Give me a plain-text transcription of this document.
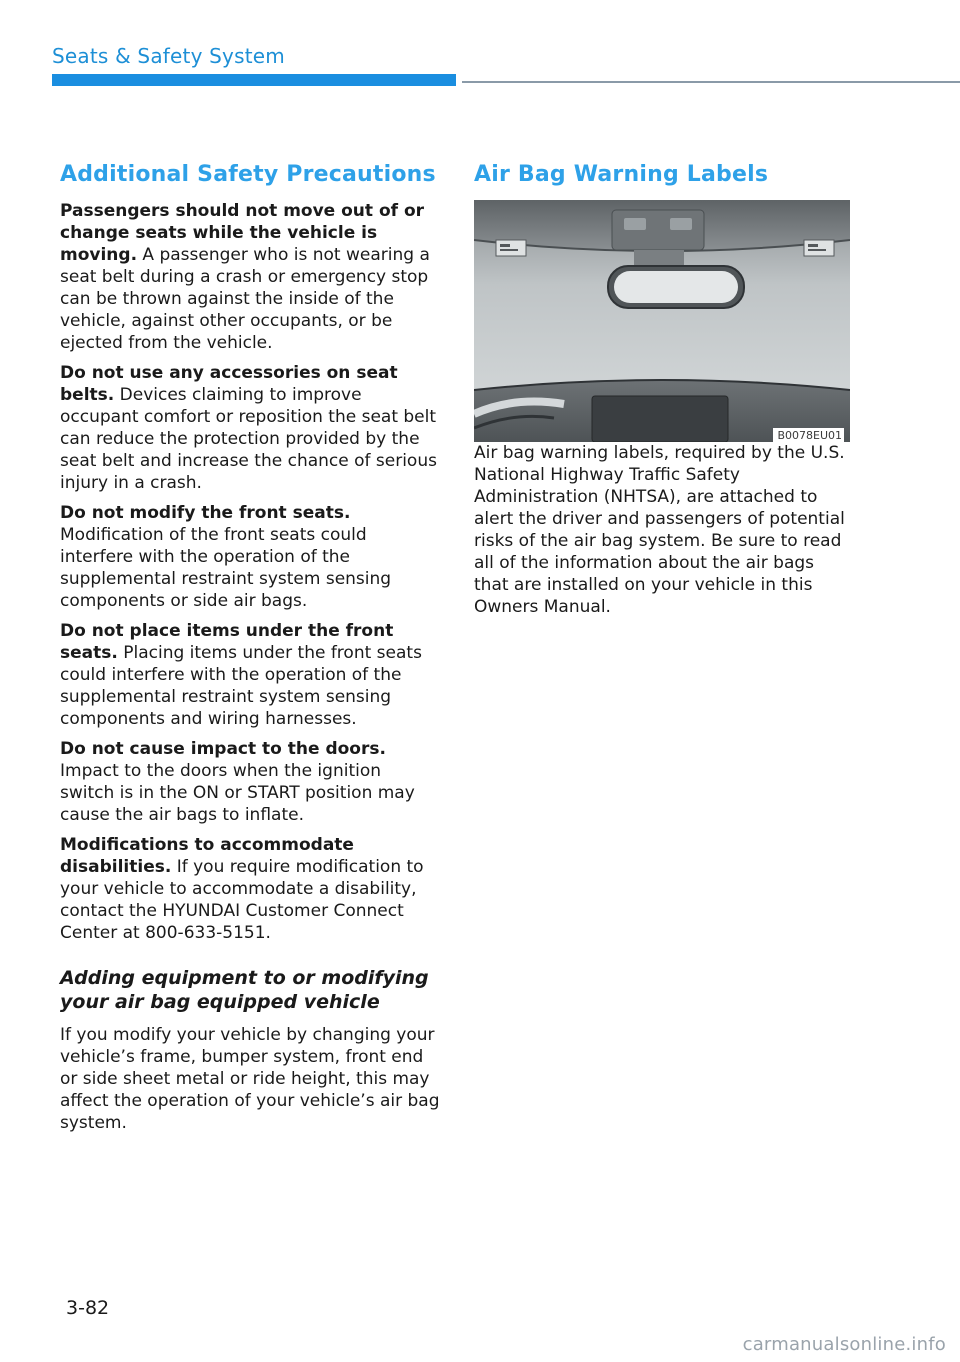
Seats & Safety System
Additional Safety Precautions

Passengers should not move out of or change seats while the vehicle is moving. A passenger who is not wearing a seat belt during a crash or emergency stop can be thrown against the inside of the vehicle, against other occupants, or be ejected from the vehicle.

Do not use any accessories on seat belts. Devices claiming to improve occupant comfort or reposition the seat belt can reduce the protection provided by the seat belt and increase the chance of serious injury in a crash.

Do not modify the front seats. Modification of the front seats could interfere with the operation of the supplemental restraint system sensing components or side air bags.

Do not place items under the front seats. Placing items under the front seats could interfere with the operation of the supplemental restraint system sensing components and wiring harnesses.

Do not cause impact to the doors. Impact to the doors when the ignition switch is in the ON or START position may cause the air bags to inflate.

Modifications to accommodate disabilities. If you require modification to your vehicle to accommodate a disability, contact the HYUNDAI Customer Connect Center at 800-633-5151.

Adding equipment to or modifying your air bag equipped vehicle

If you modify your vehicle by changing your vehicle’s frame, bumper system, front end or side sheet metal or ride height, this may affect the operation of your vehicle’s air bag system.

Air Bag Warning Labels
B0078EU01

Air bag warning labels, required by the U.S. National Highway Traffic Safety Administration (NHTSA), are attached to alert the driver and passengers of potential risks of the air bag system. Be sure to read all of the information about the air bags that are installed on your vehicle in this Owners Manual.

3-82
carmanualsonline.info
